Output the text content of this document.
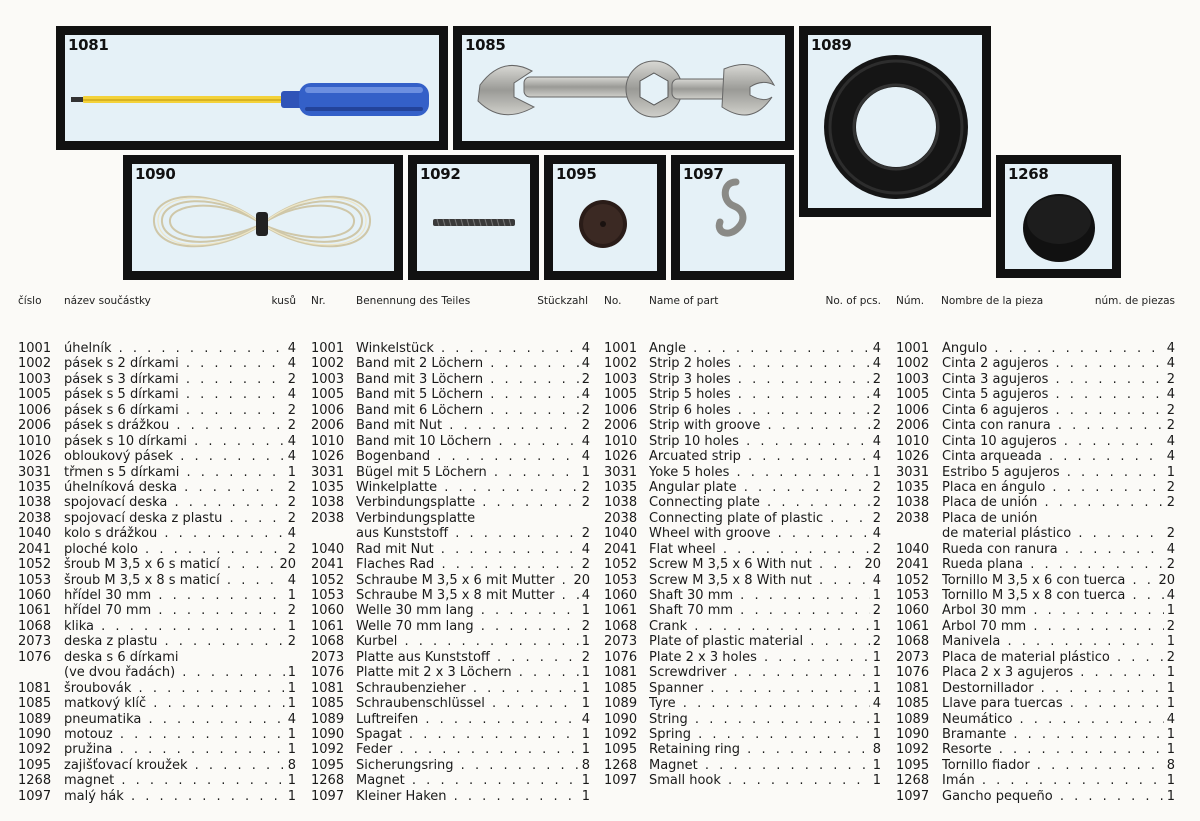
1081	1085	1089
1090	1092	1095	1097	1268
číslo název součástky	kusů
1001 úhelník . . .	4
1002 pásek s 2 dírkami . . .	4
1003 pásek s 3 dírkami . . .	2
1005 pásek s 5 dírkami . . .	4
1006 pásek s 6 dírkami . . .	2
2006 pásek s drážkou . . .	2
1010 pásek s 10 dírkami . . .	4
1026 obloukový pásek . . .	4
3031 třmen s 5 dírkami . . .	1
1035 úhelníková deska . . .	2
1038 spojovací deska . . .	2
2038 spojovací deska z plastu . . .	2
1040 kolo s drážkou . . .	4
2041 ploché kolo . . .	2
1052 šroub M 3,5 x 6 s maticí . . .	20
1053 šroub M 3,5 x 8 s maticí . . .	4
1060 hřídel 30 mm . . .	1
1061 hřídel 70 mm . . .	2
1068 klika . . .	1
2073 deska z plastu . . .	2
1076 deska s 6 dírkami
(ve dvou řadách) . . .	1
1081 šroubovák . . .	1
1085 matkový klíč . . .	1
1089 pneumatika . . .	4
1090 motouz . . .	1
1092 pružina . . .	1
1095 zajišťovací kroužek . . .	8
1268 magnet . . .	1
1097 malý hák . . .	1
Nr.	Benennung des Teiles	Stückzahl
1001 Winkelstück . . .	4
1002 Band mit 2 Löchern . . .	4
1003 Band mit 3 Löchern . . .	2
1005 Band mit 5 Löchern . . .	4
1006 Band mit 6 Löchern . . .	2
2006 Band mit Nut . . .	2
1010 Band mit 10 Löchern . . .	4
1026 Bogenband . . .	4
3031 Bügel mit 5 Löchern . . .	1
1035 Winkelplatte . . .	2
1038 Verbindungsplatte . . .	2
2038 Verbindungsplatte
aus Kunststoff . . .	2
1040 Rad mit Nut . . .	4
2041 Flaches Rad . . .	2
1052 Schraube M 3,5 x 6 mit Mutter . . .	20
1053 Schraube M 3,5 x 8 mit Mutter . . .	4
1060 Welle 30 mm lang . . .	1
1061 Welle 70 mm lang . . .	2
1068 Kurbel . . .	1
2073 Platte aus Kunststoff . . .	2
1076 Platte mit 2 x 3 Löchern . . .	1
1081 Schraubenzieher . . .	1
1085 Schraubenschlüssel . . .	1
1089 Luftreifen . . .	4
1090 Spagat . . .	1
1092 Feder . . .	1
1095 Sicherungsring . . .	8
1268 Magnet . . .	1
1097 Kleiner Haken . . .	1
No.	Name of part	No. of pcs.
1001 Angle . . .	4
1002 Strip 2 holes . . .	4
1003 Strip 3 holes . . .	2
1005 Strip 5 holes . . .	4
1006 Strip 6 holes . . .	2
2006 Strip with groove . . .	2
1010 Strip 10 holes . . .	4
1026 Arcuated strip . . .	4
3031 Yoke 5 holes . . .	1
1035 Angular plate . . .	2
1038 Connecting plate . . .	2
2038 Connecting plate of plastic . . .	2
1040 Wheel with groove . . .	4
2041 Flat wheel . . .	2
1052 Screw M 3,5 x 6 With nut . . .	20
1053 Screw M 3,5 x 8 With nut . . .	4
1060 Shaft 30 mm . . .	1
1061 Shaft 70 mm . . .	2
1068 Crank . . .	1
2073 Plate of plastic material . . .	2
1076 Plate 2 x 3 holes . . .	1
1081 Screwdriver . . .	1
1085 Spanner . . .	1
1089 Tyre . . .	4
1090 String . . .	1
1092 Spring . . .	1
1095 Retaining ring . . .	8
1268 Magnet . . .	1
1097 Small hook . . .	1
Núm. Nombre de la pieza	núm. de piezas
1001 Ángulo . . .	4
1002 Cinta 2 agujeros . . .	4
1003 Cinta 3 agujeros . . .	2
1005 Cinta 5 agujeros . . .	4
1006 Cinta 6 agujeros . . .	2
2006 Cinta con ranura . . .	2
1010 Cinta 10 agujeros . . .	4
1026 Cinta arqueada . . .	4
3031 Estribo 5 agujeros . . .	1
1035 Placa en ángulo . . .	2
1038 Placa de unión . . .	2
2038 Placa de unión
de material plástico . . .	2
1040 Rueda con ranura . . .	4
2041 Rueda plana . . .	2
1052 Tornillo M 3,5 x 6 con tuerca . . .	20
1053 Tornillo M 3,5 x 8 con tuerca . . .	4
1060 Árbol 30 mm . . .	1
1061 Árbol 70 mm . . .	2
1068 Manivela . . .	1
2073 Placa de material plástico . . .	2
1076 Placa 2 x 3 agujeros . . .	1
1081 Destornillador . . .	1
1085 Llave para tuercas . . .	1
1089 Neumático . . .	4
1090 Bramante . . .	1
1092 Resorte . . .	1
1095 Tornillo fiador . . .	8
1268 Imán . . .	1
1097 Gancho pequeño . . .	1
